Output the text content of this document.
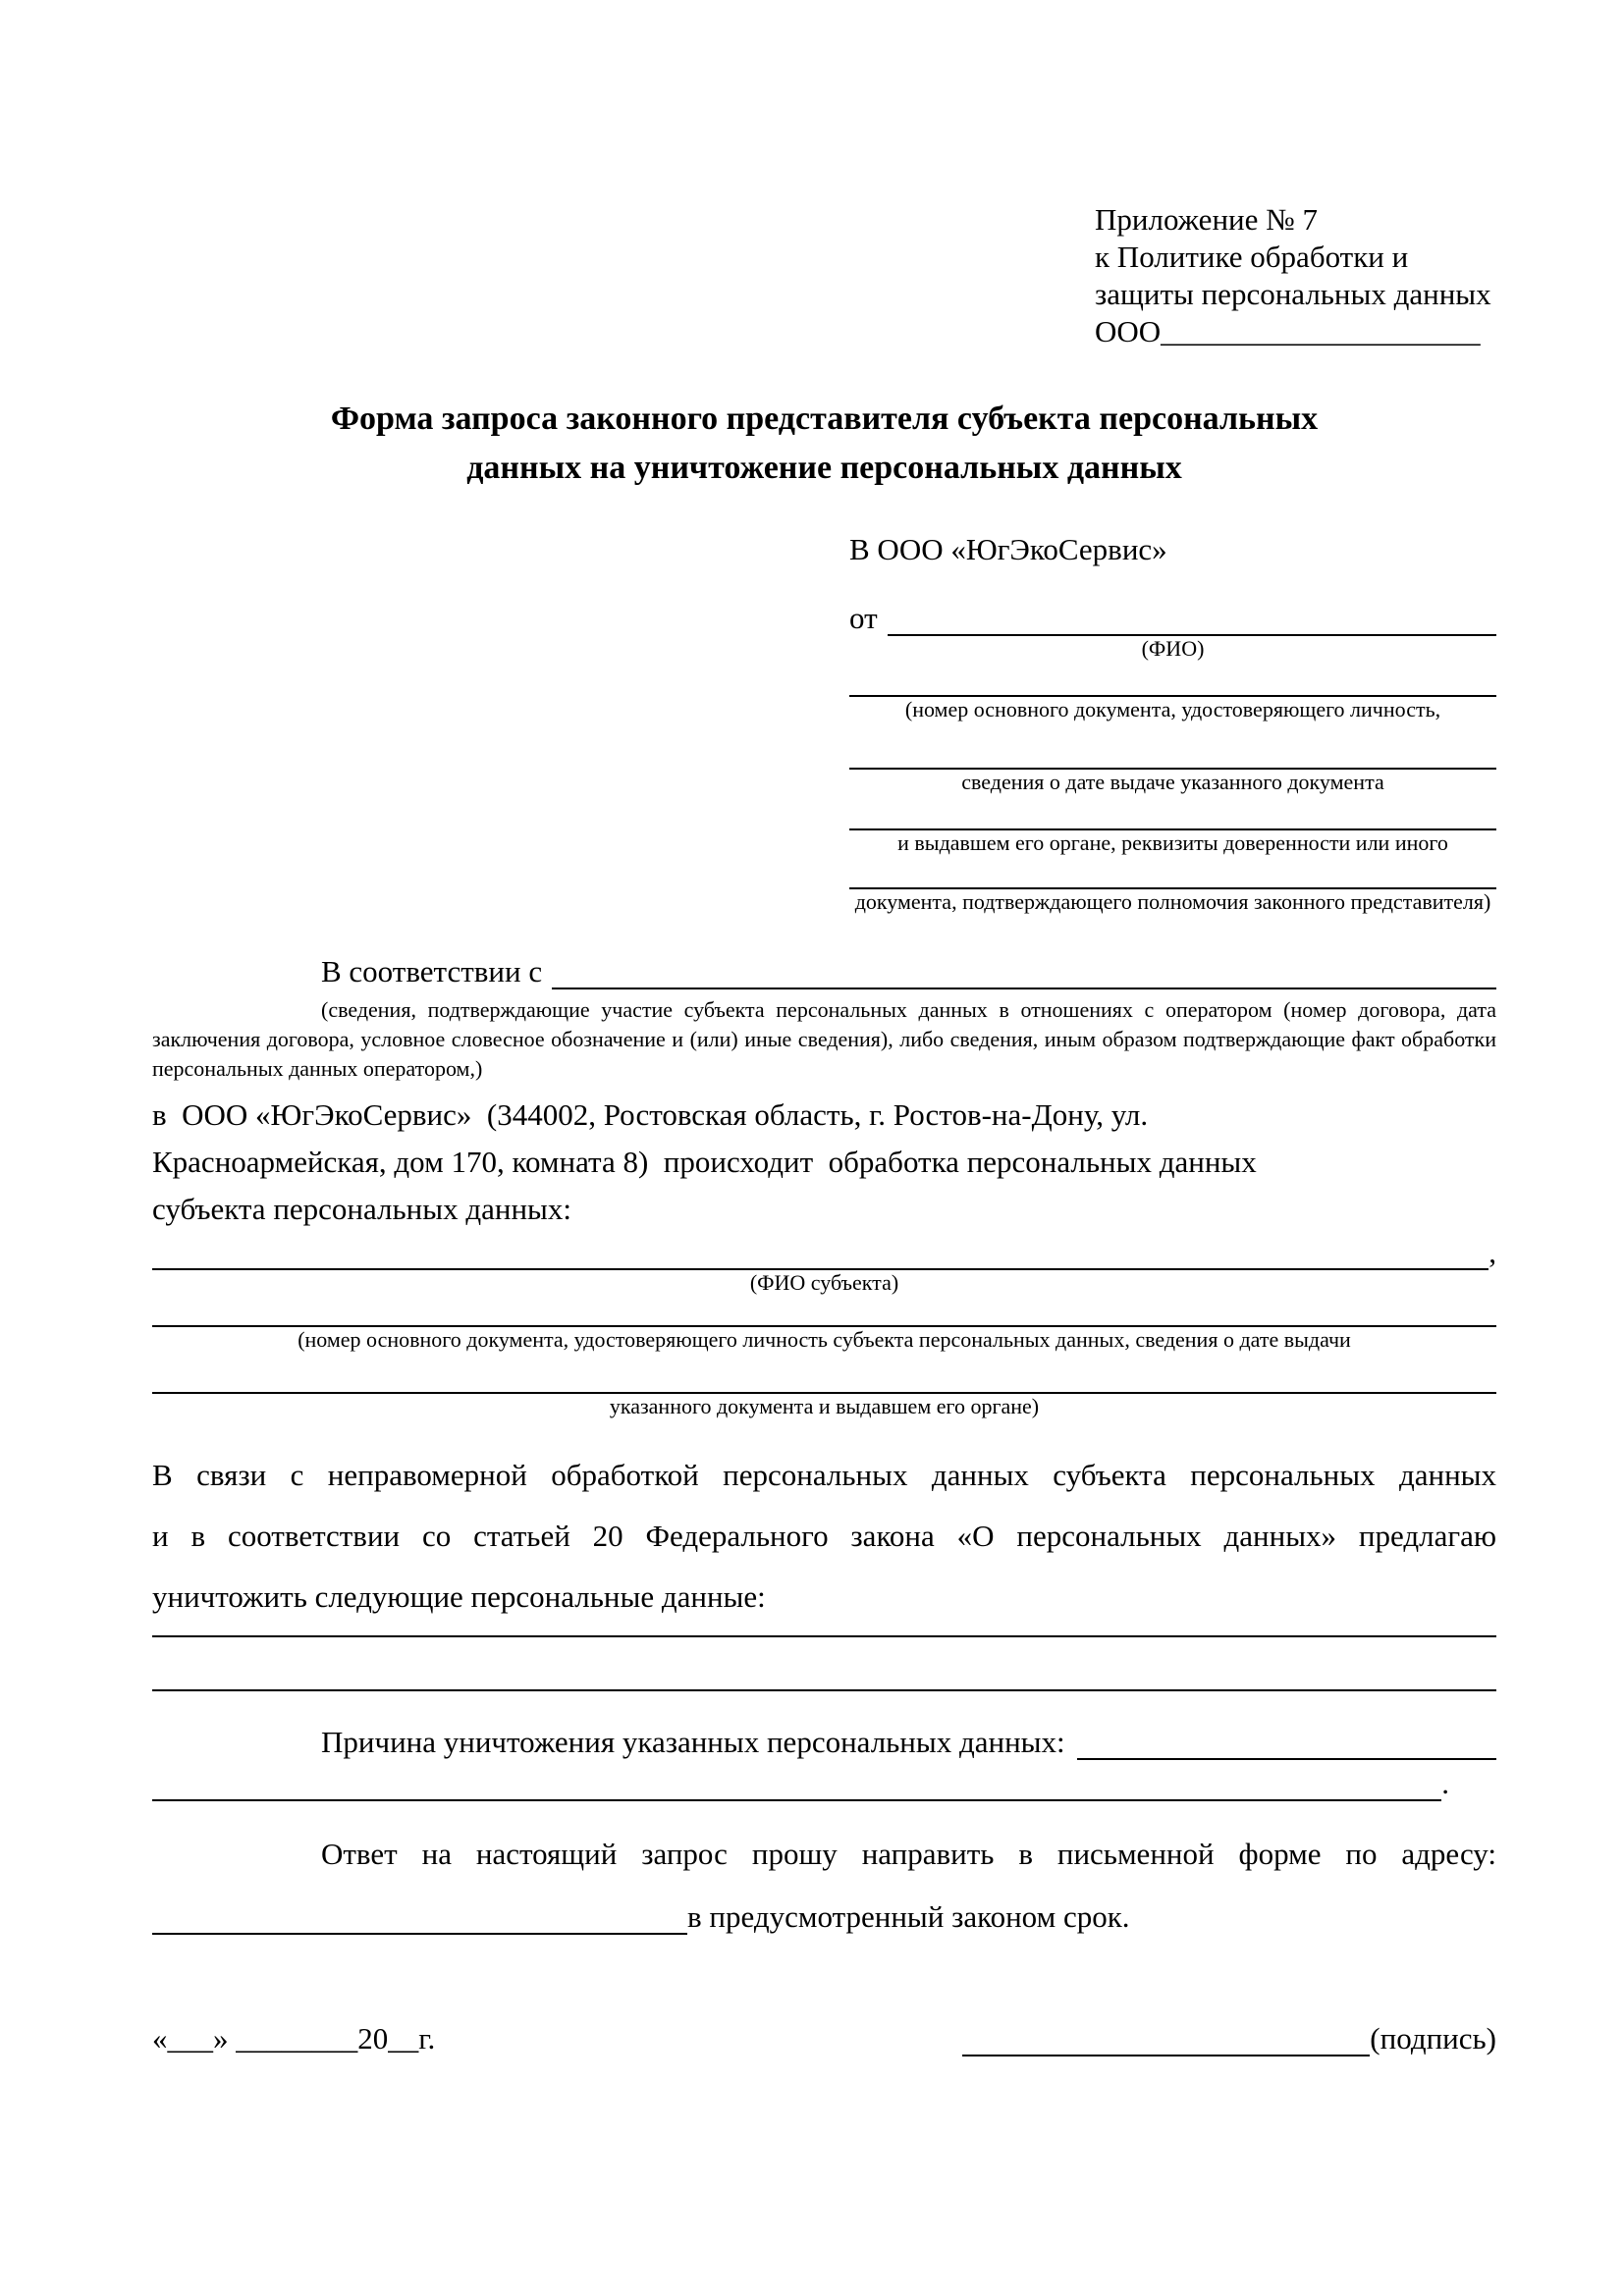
Приложение № 7
к Политике обработки и
защиты персональных данных
ООО_____________________
Форма запроса законного представителя субъекта персональных
данных на уничтожение персональных данных
В ООО «ЮгЭкоСервис»
от
(ФИО)
(номер основного документа, удостоверяющего личность,
сведения о дате выдаче указанного документа
и выдавшем его органе, реквизиты доверенности или иного
документа, подтверждающего полномочия законного представителя)
В соответствии с
(сведения, подтверждающие участие субъекта персональных данных в отношениях с оператором (номер договора, дата заключения договора, условное словесное обозначение и (или) иные сведения), либо сведения, иным образом подтверждающие факт обработки персональных данных оператором,)
в  ООО «ЮгЭкоСервис»  (344002, Ростовская область, г. Ростов-на-Дону, ул.
Красноармейская, дом 170, комната 8)  происходит  обработка персональных данных
субъекта персональных данных:
,
(ФИО субъекта)
(номер основного документа, удостоверяющего личность субъекта персональных данных, сведения о дате выдачи
указанного документа и выдавшем его органе)
В связи с неправомерной обработкой персональных данных субъекта персональных данных
и в соответствии со статьей 20 Федерального закона «О персональных данных» предлагаю
уничтожить следующие персональные данные:
Причина уничтожения указанных персональных данных:
.
Ответ на настоящий запрос прошу направить в письменной форме по адресу:
в предусмотренный законом срок.
«___» ________20__г.	(подпись)
